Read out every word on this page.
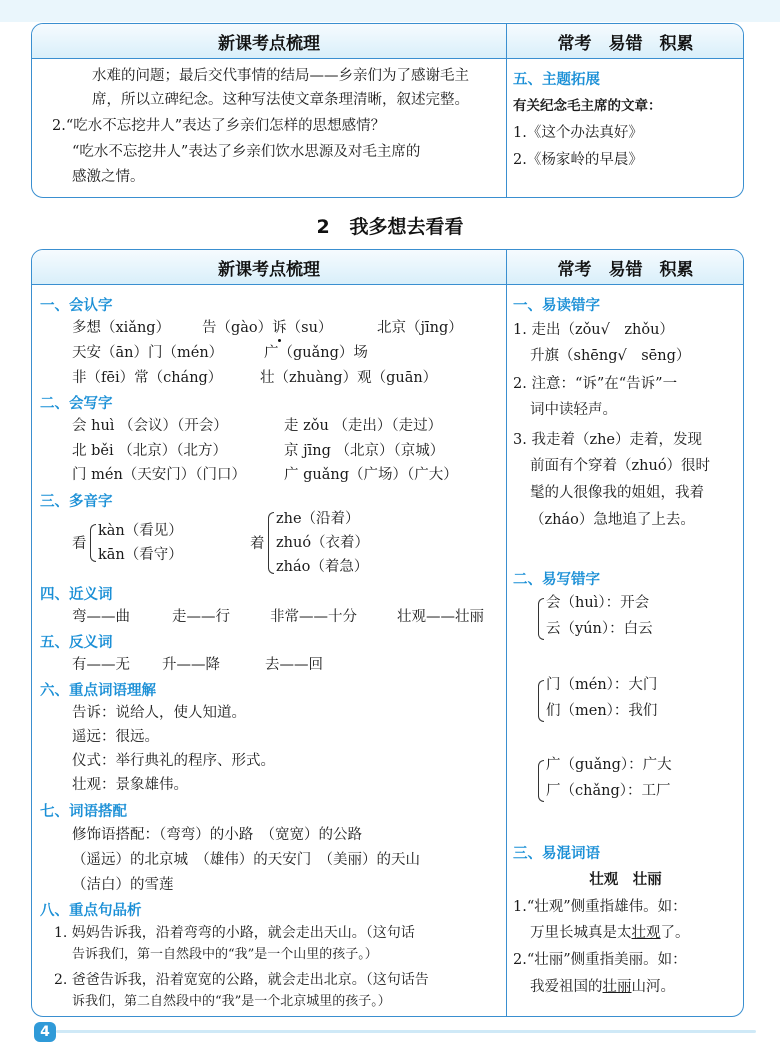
新课考点梳理	常考　易错　积累
水难的问题；最后交代事情的结局——乡亲们为了感谢毛主
席，所以立碑纪念。这种写法使文章条理清晰，叙述完整。
2.“吃水不忘挖井人”表达了乡亲们怎样的思想感情？
“吃水不忘挖井人”表达了乡亲们饮水思源及对毛主席的
感激之情。
五、主题拓展
有关纪念毛主席的文章：
1.《这个办法真好》
2.《杨家岭的早晨》
2 我多想去看看
新课考点梳理	常考　易错　积累
一、会认字
多想（xiǎng） 告（gào）诉（su）	北京（jīng）
天安（ān）门（mén）	广（guǎng）场
非（fēi）常（cháng）	壮（zhuàng）观（guān）
二、会写字
会 huì （会议）（开会）	走 zǒu （走出）（走过）
北 běi （北京）（北方）	京 jīng （北京）（京城）
门 mén（天安门）（门口）	广 guǎng（广场）（广大）
三、多音字
看
kàn（看见）
kān（看守）
着
zhe（沿着）
zhuó（衣着）
zháo（着急）
四、近义词
弯——曲	走——行	非常——十分	壮观——壮丽
五、反义词
有——无 升——降	去——回
六、重点词语理解
告诉：说给人，使人知道。
遥远：很远。
仪式：举行典礼的程序、形式。
壮观：景象雄伟。
七、词语搭配
修饰语搭配：（弯弯）的小路　（宽宽）的公路
（遥远）的北京城　（雄伟）的天安门　（美丽）的天山
（洁白）的雪莲
八、重点句品析
1. 妈妈告诉我，沿着弯弯的小路，就会走出天山。（这句话
告诉我们，第一自然段中的“我”是一个山里的孩子。）
2. 爸爸告诉我，沿着宽宽的公路，就会走出北京。（这句话告
诉我们，第二自然段中的“我”是一个北京城里的孩子。）
一、易读错字
1. 走出（zǒu√　zhǒu）
升旗（shēng√　sēng）
2. 注意：“诉”在“告诉”一
词中读轻声。
3. 我走着（zhe）走着，发现
前面有个穿着（zhuó）很时
髦的人很像我的姐姐，我着
（zháo）急地追了上去。
二、易写错字
会（huì）：开会
云（yún）：白云
门（mén）：大门
们（men）：我们
广（guǎng）：广大
厂（chǎng）：工厂
三、易混词语
壮观　壮丽
1.“壮观”侧重指雄伟。如：
万里长城真是太壮观了。
2.“壮丽”侧重指美丽。如：
我爱祖国的壮丽山河。
4
